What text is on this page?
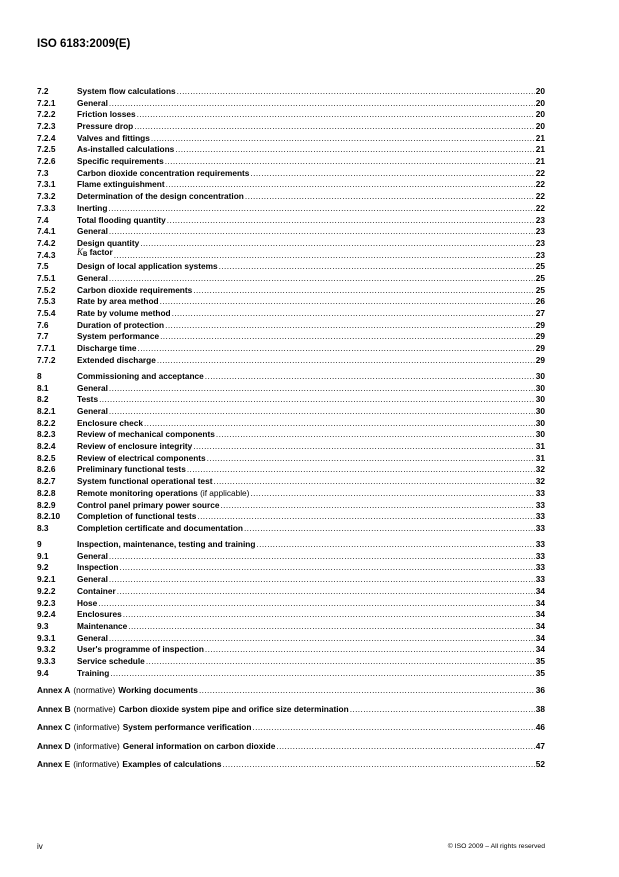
ISO 6183:2009(E)
7.2	System flow calculations .....	20
7.2.1	General .....	20
7.2.2	Friction losses .....	20
7.2.3	Pressure drop .....	20
7.2.4	Valves and fittings .....	21
7.2.5	As-installed calculations .....	21
7.2.6	Specific requirements .....	21
7.3	Carbon dioxide concentration requirements .....	22
7.3.1	Flame extinguishment .....	22
7.3.2	Determination of the design concentration .....	22
7.3.3	Inerting .....	22
7.4	Total flooding quantity .....	23
7.4.1	General .....	23
7.4.2	Design quantity .....	23
7.4.3	$K_B$ factor .....	23
7.5	Design of local application systems .....	25
7.5.1	General .....	25
7.5.2	Carbon dioxide requirements .....	25
7.5.3	Rate by area method .....	26
7.5.4	Rate by volume method .....	27
7.6	Duration of protection .....	29
7.7	System performance .....	29
7.7.1	Discharge time .....	29
7.7.2	Extended discharge .....	29
8	Commissioning and acceptance .....	30
8.1	General .....	30
8.2	Tests .....	30
8.2.1	General .....	30
8.2.2	Enclosure check .....	30
8.2.3	Review of mechanical components .....	30
8.2.4	Review of enclosure integrity .....	31
8.2.5	Review of electrical components .....	31
8.2.6	Preliminary functional tests .....	32
8.2.7	System functional operational test .....	32
8.2.8	Remote monitoring operations (if applicable) .....	33
8.2.9	Control panel primary power source .....	33
8.2.10	Completion of functional tests .....	33
8.3	Completion certificate and documentation .....	33
9	Inspection, maintenance, testing and training .....	33
9.1	General .....	33
9.2	Inspection .....	33
9.2.1	General .....	33
9.2.2	Container .....	34
9.2.3	Hose .....	34
9.2.4	Enclosures .....	34
9.3	Maintenance .....	34
9.3.1	General .....	34
9.3.2	User's programme of inspection .....	34
9.3.3	Service schedule .....	35
9.4	Training .....	35
Annex A (normative) Working documents .....	36
Annex B (normative) Carbon dioxide system pipe and orifice size determination .....	38
Annex C (informative) System performance verification .....	46
Annex D (informative) General information on carbon dioxide .....	47
Annex E (informative) Examples of calculations .....	52
iv	© ISO 2009 – All rights reserved
